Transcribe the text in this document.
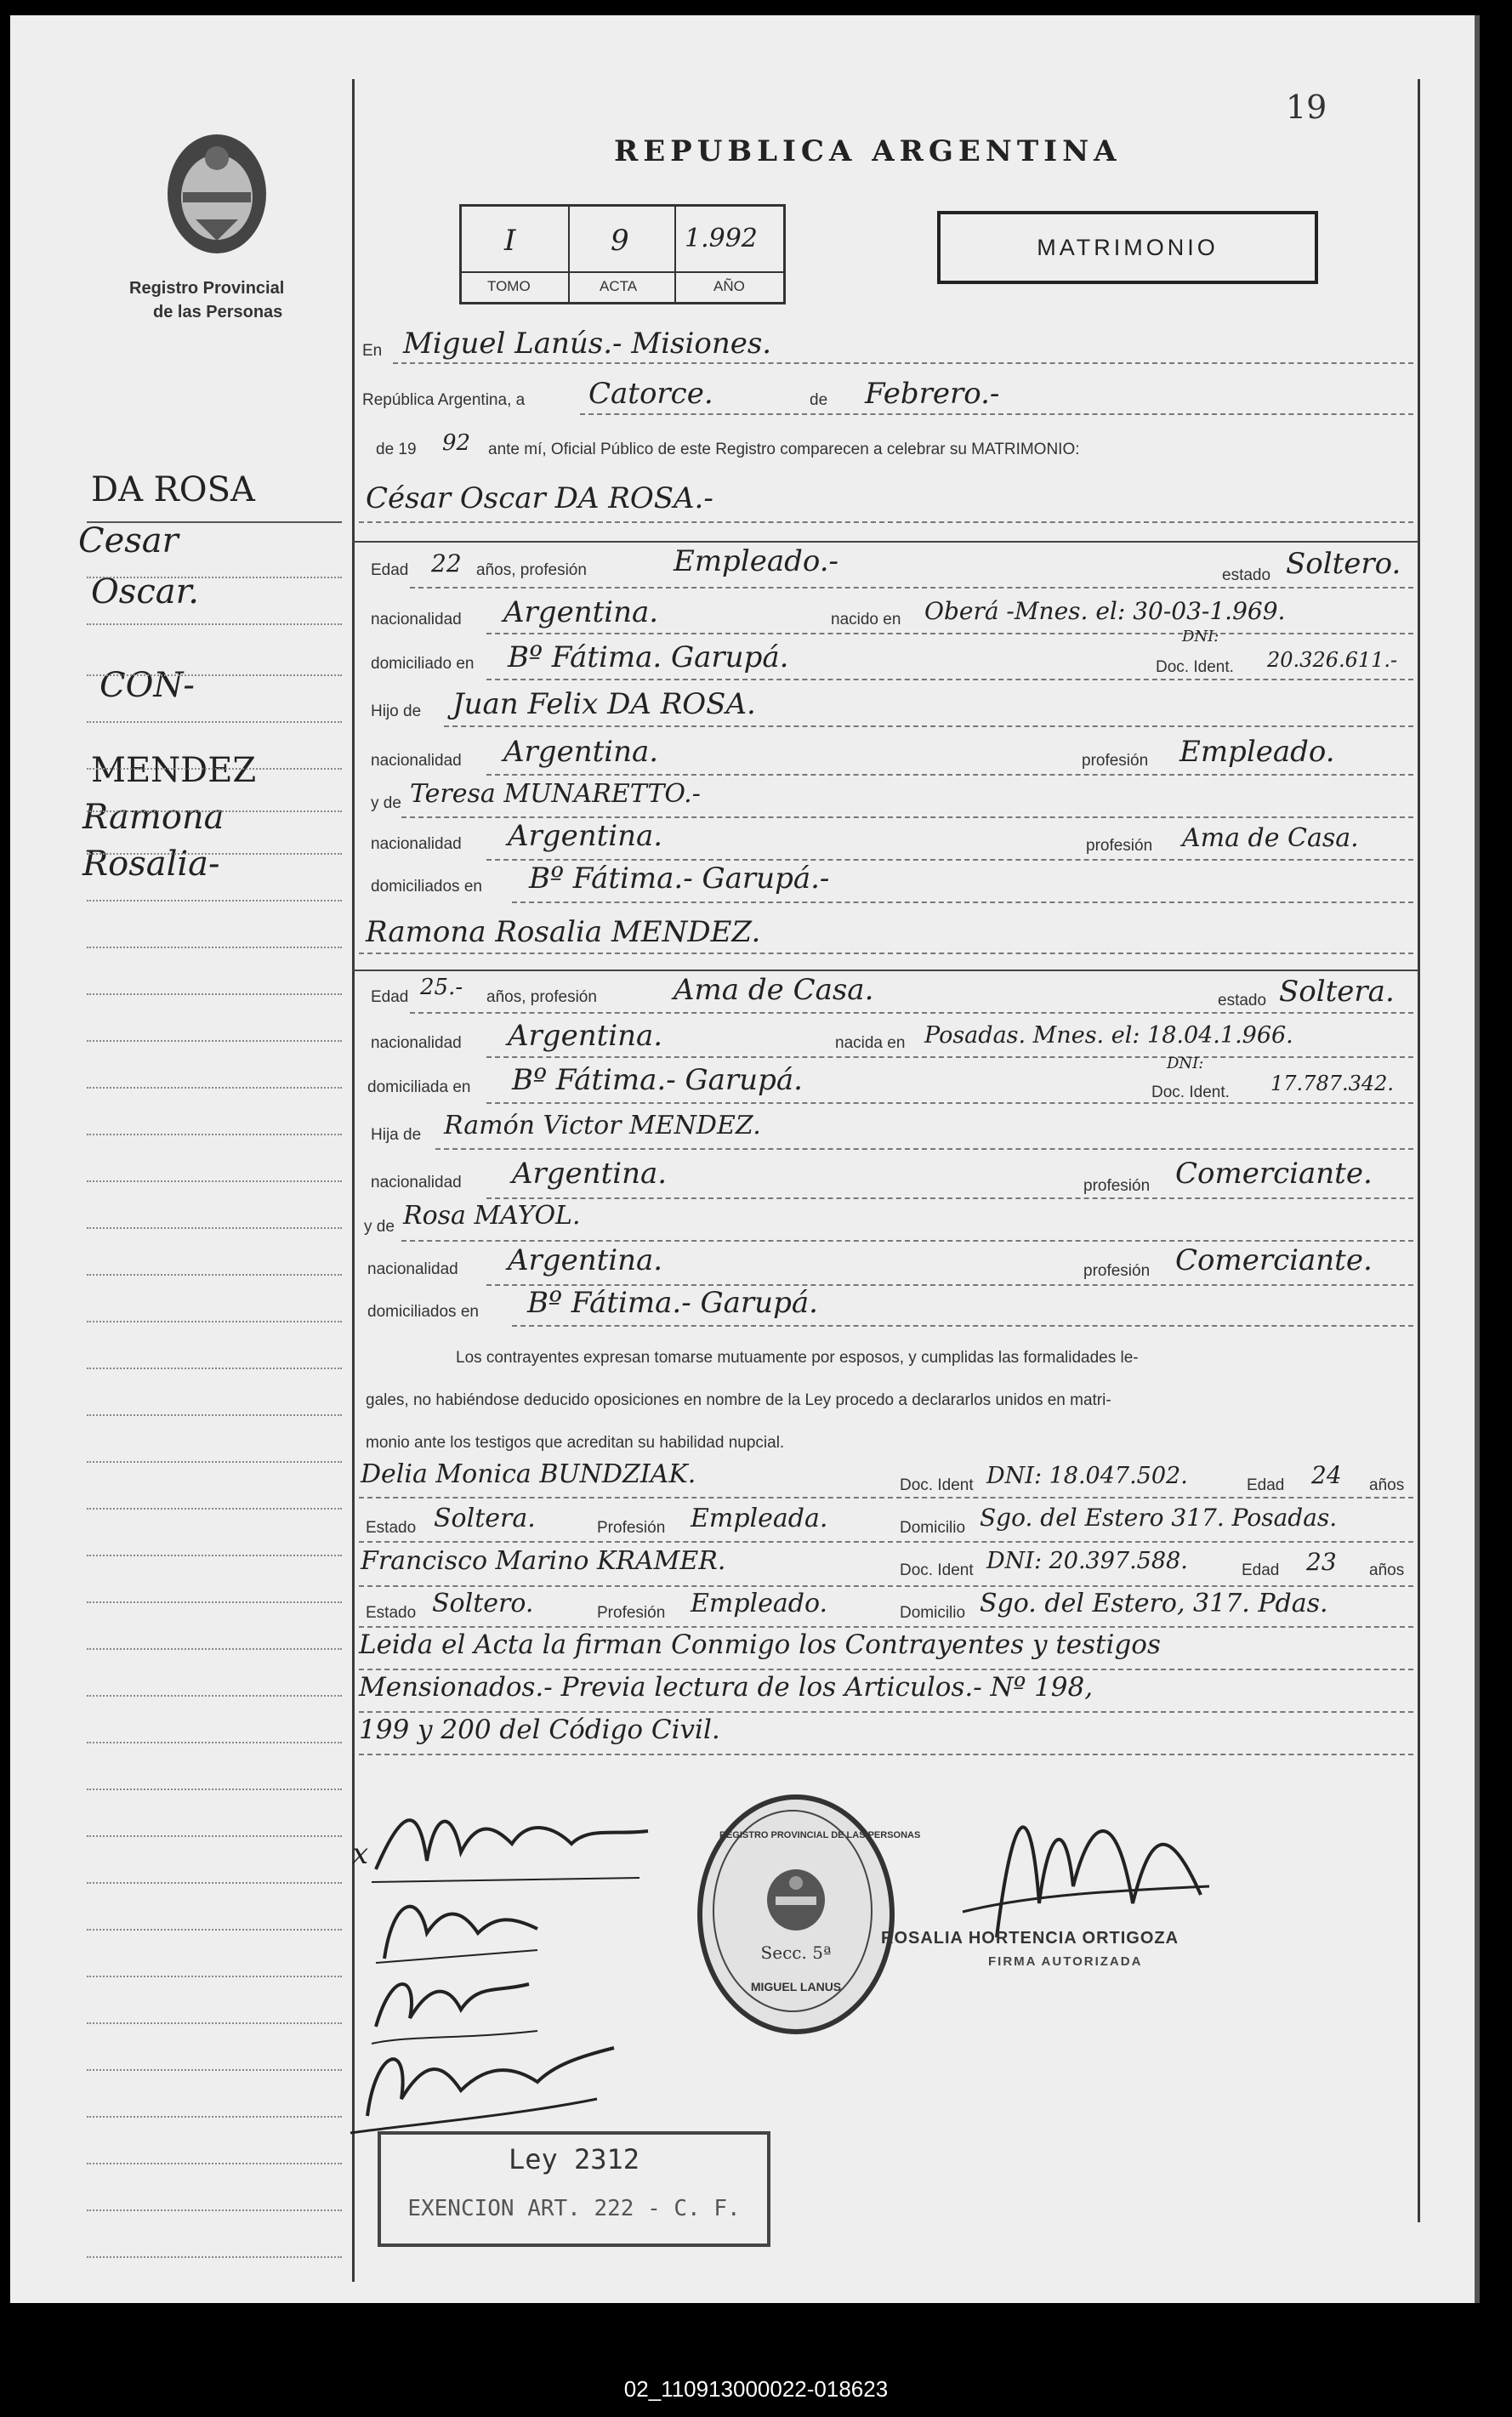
19
REPUBLICA ARGENTINA
Registro Provincial
de las Personas
I	9 1.992
TOMO	ACTA	AÑO
MATRIMONIO
DA ROSA
Cesar
Oscar.
CON-
MENDEZ
Ramona
Rosalia-
En Miguel Lanús.- Misiones.
República Argentina, a Catorce.	de Febrero.-
de 19 92 ante mí, Oficial Público de este Registro comparecen a celebrar su MATRIMONIO:
César Oscar DA ROSA.-
Edad 22 años, profesión	Empleado.-	estado Soltero.
nacionalidad Argentina.	nacido en Oberá -Mnes. el: 30-03-1.969.
domiciliado en Bº Fátima. Garupá.
DNI:
Doc. Ident. 20.326.611.-
Hijo de Juan Felix DA ROSA.
nacionalidad Argentina.	profesión Empleado.
y de Teresa MUNARETTO.-
nacionalidad Argentina.	profesión Ama de Casa.
domiciliados en Bº Fátima.- Garupá.-
Ramona Rosalia MENDEZ.
Edad 25.- años, profesión	Ama de Casa.	estado Soltera.
nacionalidad Argentina.	nacida en Posadas. Mnes. el: 18.04.1.966.
domiciliada en Bº Fátima.- Garupá.	DNI:
Doc. Ident. 17.787.342.
Hija de Ramón Victor MENDEZ.
nacionalidad Argentina.	profesión Comerciante.
y de Rosa MAYOL.
nacionalidad Argentina.	profesión Comerciante.
domiciliados en Bº Fátima.- Garupá.
Los contrayentes expresan tomarse mutuamente por esposos, y cumplidas las formalidades le-
gales, no habiéndose deducido oposiciones en nombre de la Ley procedo a declararlos unidos en matri-
monio ante los testigos que acreditan su habilidad nupcial.
Delia Monica BUNDZIAK.	Doc. Ident DNI: 18.047.502.	Edad 24 años
Estado Soltera.	Profesión Empleada.	Domicilio Sgo. del Estero 317. Posadas.
Francisco Marino KRAMER.	Doc. Ident DNI: 20.397.588.	Edad 23 años
Estado Soltero.	Profesión Empleado.	Domicilio Sgo. del Estero, 317. Pdas.
Leida el Acta la firman Conmigo los Contrayentes y testigos
Mensionados.- Previa lectura de los Articulos.- Nº 198,
199 y 200 del Código Civil.
x
REGISTRO PROVINCIAL DE LAS PERSONAS
Secc. 5ª
MIGUEL LANUS
ROSALIA HORTENCIA ORTIGOZA
FIRMA AUTORIZADA
Ley 2312
EXENCION ART. 222 - C. F.
02_110913000022-018623
